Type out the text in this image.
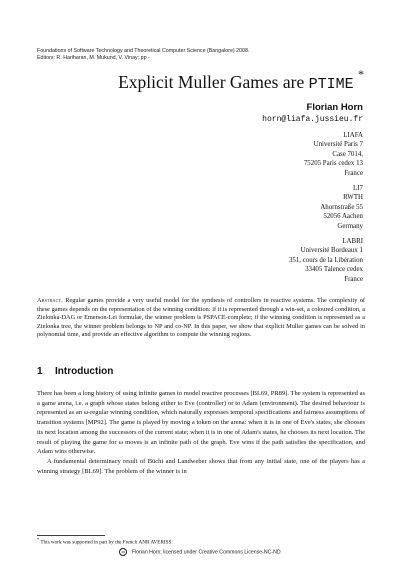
Foundations of Software Technology and Theoretical Computer Science (Bangalore) 2008.
Editors: R. Hariharan, M. Mukund, V. Vinay; pp -
Explicit Muller Games are PTIME *
Florian Horn
horn@liafa.jussieu.fr
LIAFA
Université Paris 7
Case 7014,
75205 Paris cedex 13
France
LI7
RWTH
Ahornstraße 55
52056 Aachen
Germany
LABRI
Université Bordeaux 1
351, cours de la Libération
33405 Talence cedex
France
Abstract. Regular games provide a very useful model for the synthesis of controllers in reactive systems. The complexity of these games depends on the representation of the winning condition: if it is represented through a win-set, a coloured condition, a Zielonka-DAG or Emerson-Lei formulae, the winner problem is PSPACE-complete; if the winning condition is represented as a Zielonka tree, the winner problem belongs to NP and co-NP. In this paper, we show that explicit Muller games can be solved in polynomial time, and provide an effective algorithm to compute the winning regions.
1 Introduction

There has been a long history of using infinite games to model reactive processes [BL69, PR89]. The system is represented as a game arena, i.e. a graph whose states belong either to Eve (controller) or to Adam (environment). The desired behaviour is represented as an ω-regular winning condition, which naturally expresses temporal specifications and fairness assumptions of transition systems [MP92]. The game is played by moving a token on the arena: when it is in one of Eve's states, she chooses its next location among the successors of the current state; when it is in one of Adam's states, he chooses its next location. The result of playing the game for ω moves is an infinite path of the graph. Eve wins if the path satisfies the specification, and Adam wins otherwise.

A fundamental determinacy result of Büchi and Landweber shows that from any initial state, one of the players has a winning strategy [BL69]. The problem of the winner is in

* This work was supported in part by the French ANR AVERISS.
cc Florian Horn; licensed under Creative Commons License-NC-ND
